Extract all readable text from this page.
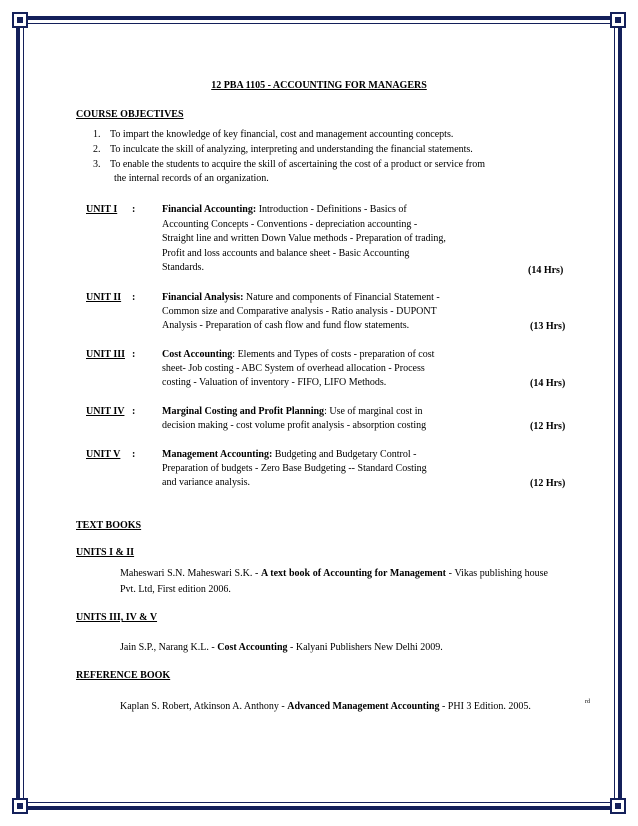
12 PBA 1105 - ACCOUNTING FOR MANAGERS
COURSE OBJECTIVES
1. To impart the knowledge of key financial, cost and management accounting concepts.
2. To inculcate the skill of analyzing, interpreting and understanding the financial statements.
3. To enable the students to acquire the skill of ascertaining the cost of a product or service from
the internal records of an organization.
UNIT I :	Financial Accounting: Introduction - Definitions - Basics of
Accounting Concepts - Conventions - depreciation accounting -
Straight line and written Down Value methods - Preparation of trading,
Profit and loss accounts and balance sheet - Basic Accounting
Standards.	(14 Hrs)
UNIT II :	Financial Analysis: Nature and components of Financial Statement -
Common size and Comparative analysis - Ratio analysis - DUPONT
Analysis - Preparation of cash flow and fund flow statements.	(13 Hrs)
UNIT III :	Cost Accounting: Elements and Types of costs - preparation of cost
sheet- Job costing - ABC System of overhead allocation - Process
costing - Valuation of inventory - FIFO, LIFO Methods.	(14 Hrs)
UNIT IV :	Marginal Costing and Profit Planning: Use of marginal cost in
decision making - cost volume profit analysis - absorption costing	(12 Hrs)
UNIT V :	Management Accounting: Budgeting and Budgetary Control -
Preparation of budgets - Zero Base Budgeting -- Standard Costing
and variance analysis.	(12 Hrs)
TEXT BOOKS
UNITS I & II
Maheswari S.N. Maheswari S.K. - A text book of Accounting for Management - Vikas publishing house Pvt. Ltd, First edition 2006.
UNITS III, IV & V
Jain S.P., Narang K.L. - Cost Accounting - Kalyani Publishers New Delhi 2009.
REFERENCE BOOK
Kaplan S. Robert, Atkinson A. Anthony - Advanced Management Accounting - PHI 3 Edition. 2005.	rd
